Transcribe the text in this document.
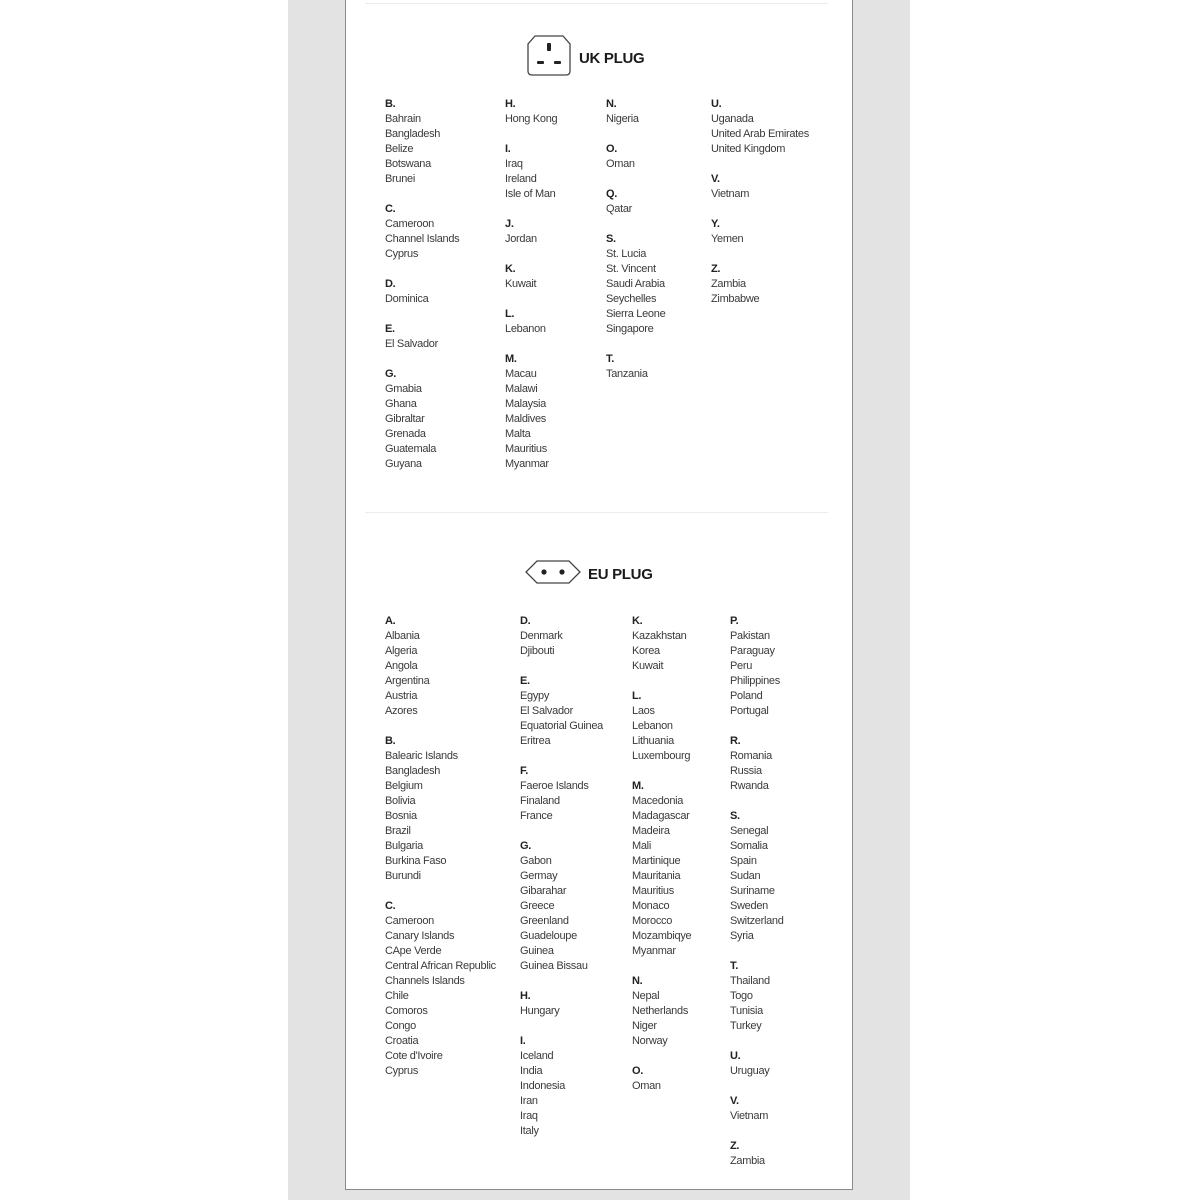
UK PLUG
B.
Bahrain
Bangladesh
Belize
Botswana
Brunei
C.
Cameroon
Channel Islands
Cyprus
D.
Dominica
E.
El Salvador
G.
Gmabia
Ghana
Gibraltar
Grenada
Guatemala
Guyana
H.
Hong Kong
I.
Iraq
Ireland
Isle of Man
J.
Jordan
K.
Kuwait
L.
Lebanon
M.
Macau
Malawi
Malaysia
Maldives
Malta
Mauritius
Myanmar
N.
Nigeria
O.
Oman
Q.
Qatar
S.
St. Lucia
St. Vincent
Saudi Arabia
Seychelles
Sierra Leone
Singapore
T.
Tanzania
U.
Uganada
United Arab Emirates
United Kingdom
V.
Vietnam
Y.
Yemen
Z.
Zambia
Zimbabwe
EU PLUG
A.
Albania
Algeria
Angola
Argentina
Austria
Azores
B.
Balearic Islands
Bangladesh
Belgium
Bolivia
Bosnia
Brazil
Bulgaria
Burkina Faso
Burundi
C.
Cameroon
Canary Islands
CApe Verde
Central African Republic
Channels Islands
Chile
Comoros
Congo
Croatia
Cote d'Ivoire
Cyprus
D.
Denmark
Djibouti
E.
Egypy
El Salvador
Equatorial Guinea
Eritrea
F.
Faeroe Islands
Finaland
France
G.
Gabon
Germay
Gibarahar
Greece
Greenland
Guadeloupe
Guinea
Guinea Bissau
H.
Hungary
I.
Iceland
India
Indonesia
Iran
Iraq
Italy
K.
Kazakhstan
Korea
Kuwait
L.
Laos
Lebanon
Lithuania
Luxembourg
M.
Macedonia
Madagascar
Madeira
Mali
Martinique
Mauritania
Mauritius
Monaco
Morocco
Mozambiqye
Myanmar
N.
Nepal
Netherlands
Niger
Norway
O.
Oman
P.
Pakistan
Paraguay
Peru
Philippines
Poland
Portugal
R.
Romania
Russia
Rwanda
S.
Senegal
Somalia
Spain
Sudan
Suriname
Sweden
Switzerland
Syria
T.
Thailand
Togo
Tunisia
Turkey
U.
Uruguay
V.
Vietnam
Z.
Zambia
